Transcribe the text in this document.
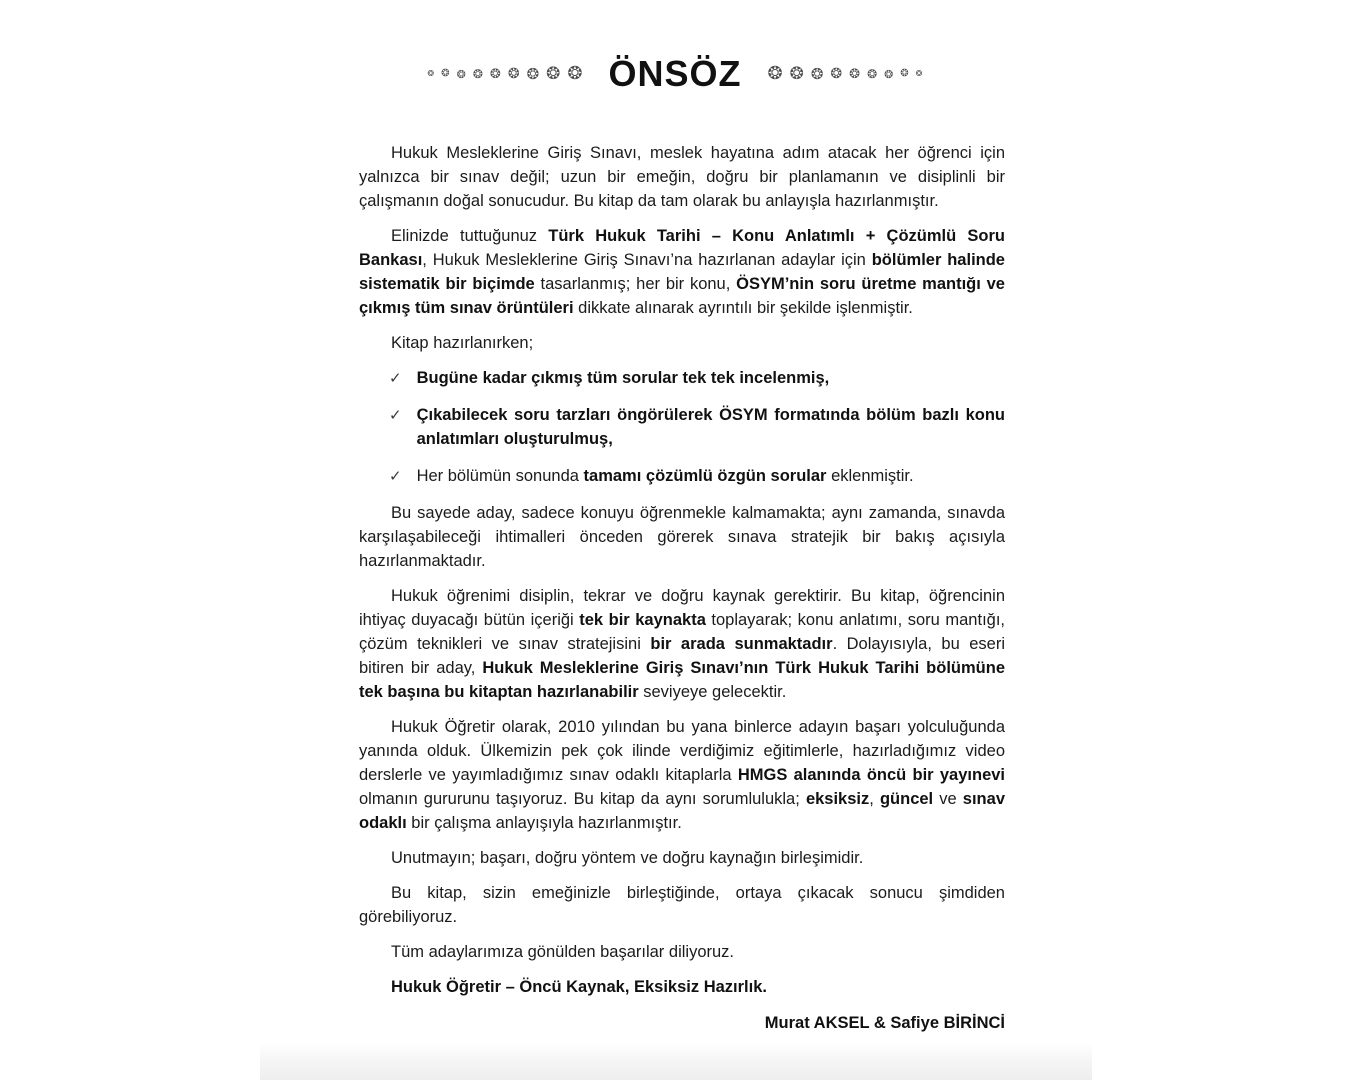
❂ ❂ ❂ ❂ ❂ ❂ ❂ ❂ ❂ ÖNSÖZ ❂ ❂ ❂ ❂ ❂ ❂ ❂ ❂ ❂

Hukuk Mesleklerine Giriş Sınavı, meslek hayatına adım atacak her öğrenci için yalnızca bir sınav değil; uzun bir emeğin, doğru bir planlamanın ve disiplinli bir çalışmanın doğal sonucudur. Bu kitap da tam olarak bu anlayışla hazırlanmıştır.

Elinizde tuttuğunuz Türk Hukuk Tarihi – Konu Anlatımlı + Çözümlü Soru Bankası, Hukuk Mesleklerine Giriş Sınavı’na hazırlanan adaylar için bölümler halinde sistematik bir biçimde tasarlanmış; her bir konu, ÖSYM’nin soru üretme mantığı ve çıkmış tüm sınav örüntüleri dikkate alınarak ayrıntılı bir şekilde işlenmiştir.

Kitap hazırlanırken;

✓ Bugüne kadar çıkmış tüm sorular tek tek incelenmiş,
✓ Çıkabilecek soru tarzları öngörülerek ÖSYM formatında bölüm bazlı konu anlatımları oluşturulmuş,
✓ Her bölümün sonunda tamamı çözümlü özgün sorular eklenmiştir.

Bu sayede aday, sadece konuyu öğrenmekle kalmamakta; aynı zamanda, sınavda karşılaşabileceği ihtimalleri önceden görerek sınava stratejik bir bakış açısıyla hazırlanmaktadır.

Hukuk öğrenimi disiplin, tekrar ve doğru kaynak gerektirir. Bu kitap, öğrencinin ihtiyaç duyacağı bütün içeriği tek bir kaynakta toplayarak; konu anlatımı, soru mantığı, çözüm teknikleri ve sınav stratejisini bir arada sunmaktadır. Dolayısıyla, bu eseri bitiren bir aday, Hukuk Mesleklerine Giriş Sınavı’nın Türk Hukuk Tarihi bölümüne tek başına bu kitaptan hazırlanabilir seviyeye gelecektir.

Hukuk Öğretir olarak, 2010 yılından bu yana binlerce adayın başarı yolculuğunda yanında olduk. Ülkemizin pek çok ilinde verdiğimiz eğitimlerle, hazırladığımız video derslerle ve yayımladığımız sınav odaklı kitaplarla HMGS alanında öncü bir yayınevi olmanın gururunu taşıyoruz. Bu kitap da aynı sorumlulukla; eksiksiz, güncel ve sınav odaklı bir çalışma anlayışıyla hazırlanmıştır.

Unutmayın; başarı, doğru yöntem ve doğru kaynağın birleşimidir.

Bu kitap, sizin emeğinizle birleştiğinde, ortaya çıkacak sonucu şimdiden görebiliyoruz.

Tüm adaylarımıza gönülden başarılar diliyoruz.

Hukuk Öğretir – Öncü Kaynak, Eksiksiz Hazırlık.

Murat AKSEL & Safiye BİRİNCİ
